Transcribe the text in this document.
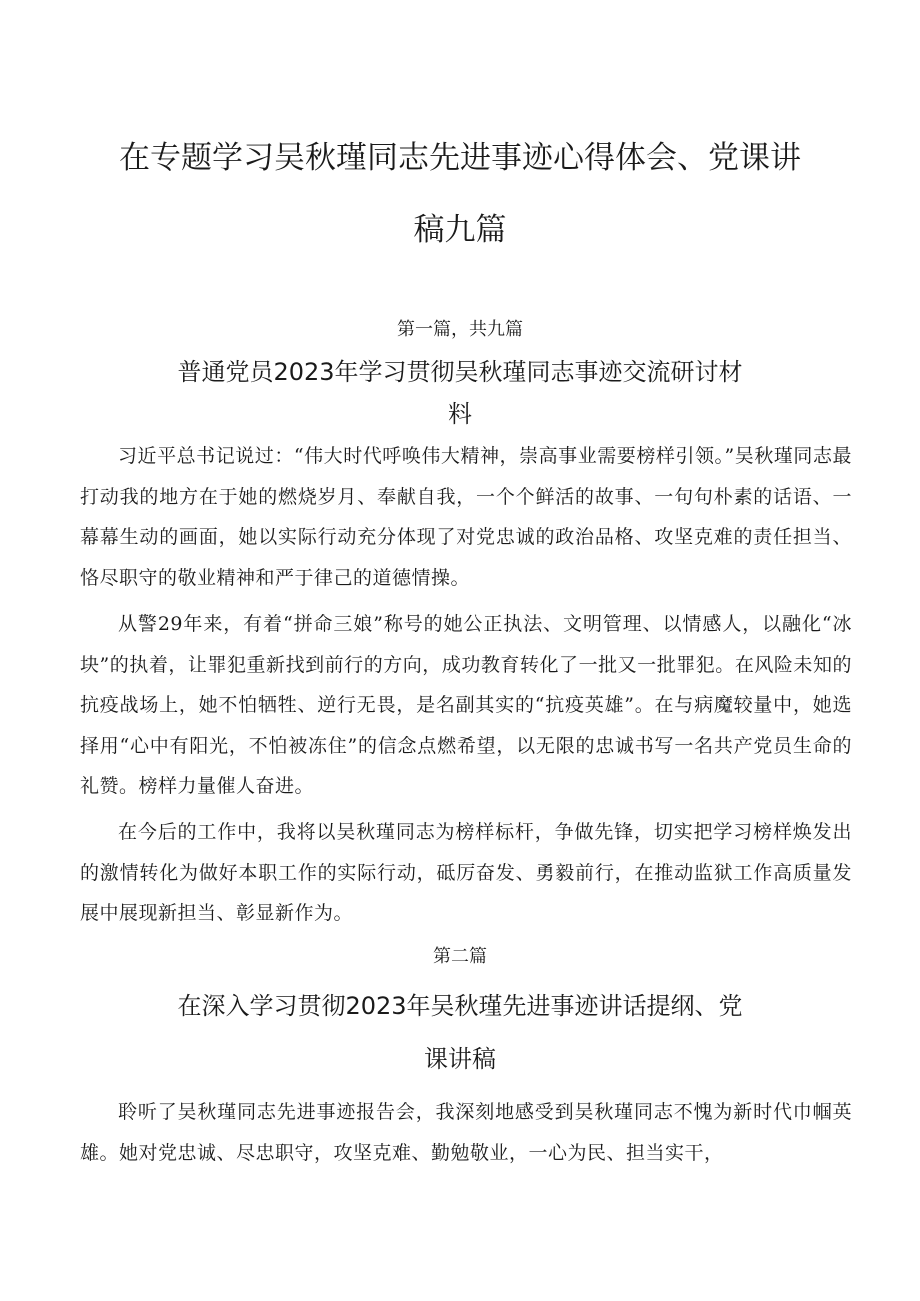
在专题学习吴秋瑾同志先进事迹心得体会、党课讲
稿九篇
第一篇，共九篇
普通党员2023年学习贯彻吴秋瑾同志事迹交流研讨材
料

习近平总书记说过：“伟大时代呼唤伟大精神，崇高事业需要榜样引领。”吴秋瑾同志最打动我的地方在于她的燃烧岁月、奉献自我，一个个鲜活的故事、一句句朴素的话语、一幕幕生动的画面，她以实际行动充分体现了对党忠诚的政治品格、攻坚克难的责任担当、恪尽职守的敬业精神和严于律己的道德情操。

从警29年来，有着“拼命三娘”称号的她公正执法、文明管理、以情感人，以融化“冰块”的执着，让罪犯重新找到前行的方向，成功教育转化了一批又一批罪犯。在风险未知的抗疫战场上，她不怕牺牲、逆行无畏，是名副其实的“抗疫英雄”。在与病魔较量中，她选择用“心中有阳光，不怕被冻住”的信念点燃希望，以无限的忠诚书写一名共产党员生命的礼赞。榜样力量催人奋进。

在今后的工作中，我将以吴秋瑾同志为榜样标杆，争做先锋，切实把学习榜样焕发出的激情转化为做好本职工作的实际行动，砥厉奋发、勇毅前行，在推动监狱工作高质量发展中展现新担当、彰显新作为。

第二篇
在深入学习贯彻2023年吴秋瑾先进事迹讲话提纲、党
课讲稿

聆听了吴秋瑾同志先进事迹报告会，我深刻地感受到吴秋瑾同志不愧为新时代巾帼英雄。她对党忠诚、尽忠职守，攻坚克难、勤勉敬业，一心为民、担当实干，
